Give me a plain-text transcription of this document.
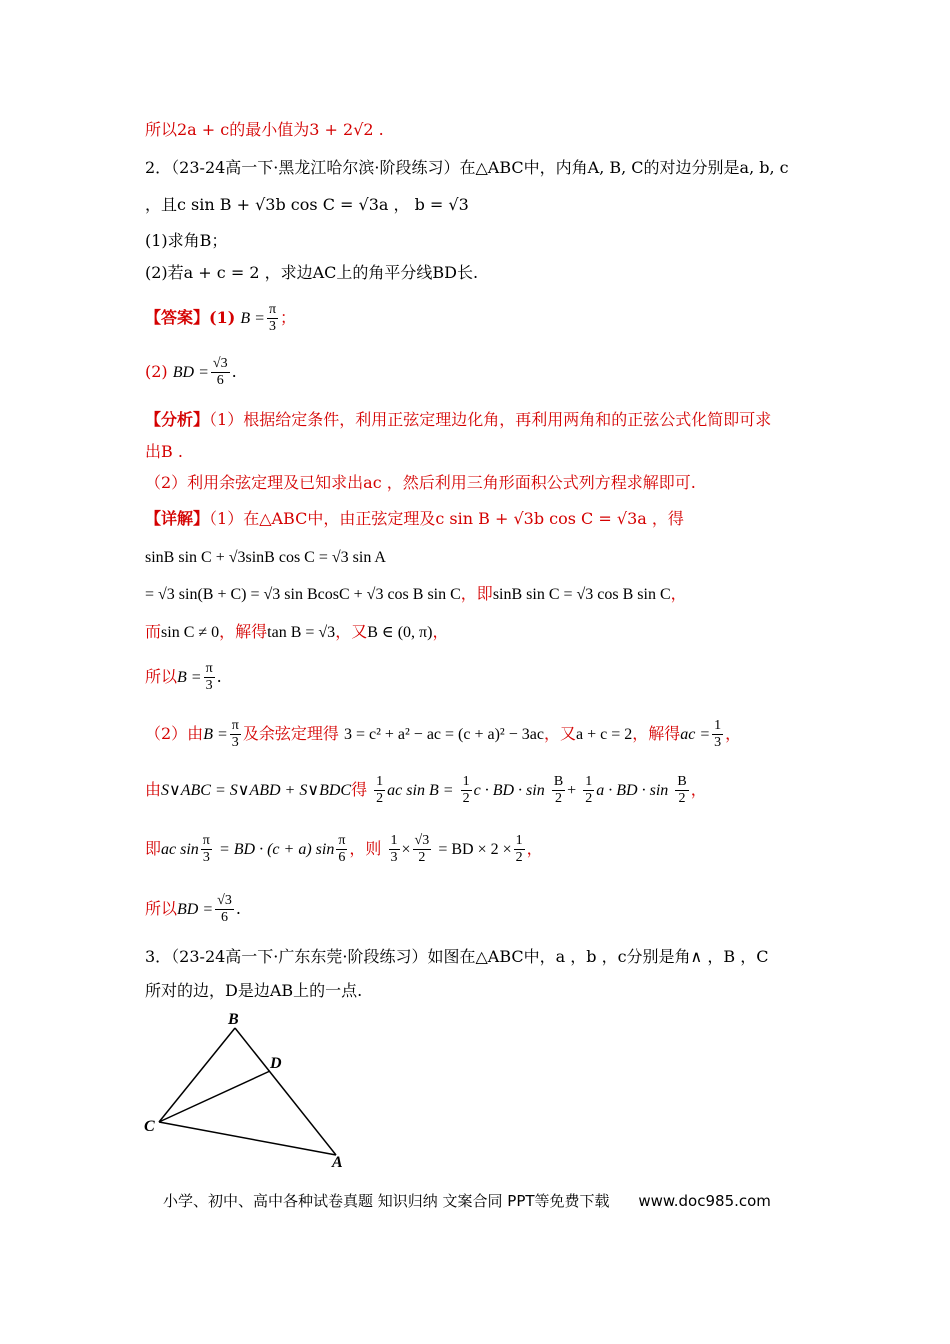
所以2a + c的最小值为3 + 2√2 .
2．（23-24高一下·黑龙江哈尔滨·阶段练习）在△ABC中，内角A, B, C的对边分别是a, b, c
，且c sin B + √3b cos C = √3a ， b = √3
(1)求角B；
(2)若a + c = 2 ，求边AC上的角平分线BD长.
【答案】(1) $B = \frac{\pi}{3}$ ；
(2) BD = $\frac{√3}{6}$ .
【分析】（1）根据给定条件，利用正弦定理边化角，再利用两角和的正弦公式化简即可求
出B .
（2）利用余弦定理及已知求出ac ，然后利用三角形面积公式列方程求解即可.
【详解】（1）在△ABC中，由正弦定理及c sin B + √3b cos C = √3a ，得
sinB sin C + √3sinB cos C = √3 sin A
= √3 sin(B + C) = √3 sin BcosC + √3 cos B sin C，即sinB sin C = √3 cos B sin C，
而sin C ≠ 0，解得tan B = √3，又B ∈ (0, π)，
所以$B = \frac{\pi}{3}$ .
（2）由$B = \frac{\pi}{3}$ 及余弦定理得 3 = c² + a² − ac = (c + a)² − 3ac，又a + c = 2，解得ac = $\frac{1}{3}$ ，
由S∨ABC = S∨ABD + S∨BDC得 $\frac{1}{2}$ ac $\sin B = \frac{1}{2}$ c · BD · $\sin \frac{B}{2} + \frac{1}{2}$ a · BD · $\sin \frac{B}{2}$ ，
即ac $\sin \frac{\pi}{3}$ = BD · (c + a) $\sin \frac{\pi}{6}$ ，则 $\frac{1}{3} \times \frac{√3}{2}$ = BD × $2 \times \frac{1}{2}$ ，
所以BD = $\frac{√3}{6}$ .
3．（23-24高一下·广东东莞·阶段练习）如图在△ABC中，a ，b ，c分别是角∧ ，B ，C
所对的边，D是边AB上的一点.
B
D
C
A
小学、初中、高中各种试卷真题 知识归纳 文案合同 PPT等免费下载 www.doc985.com
